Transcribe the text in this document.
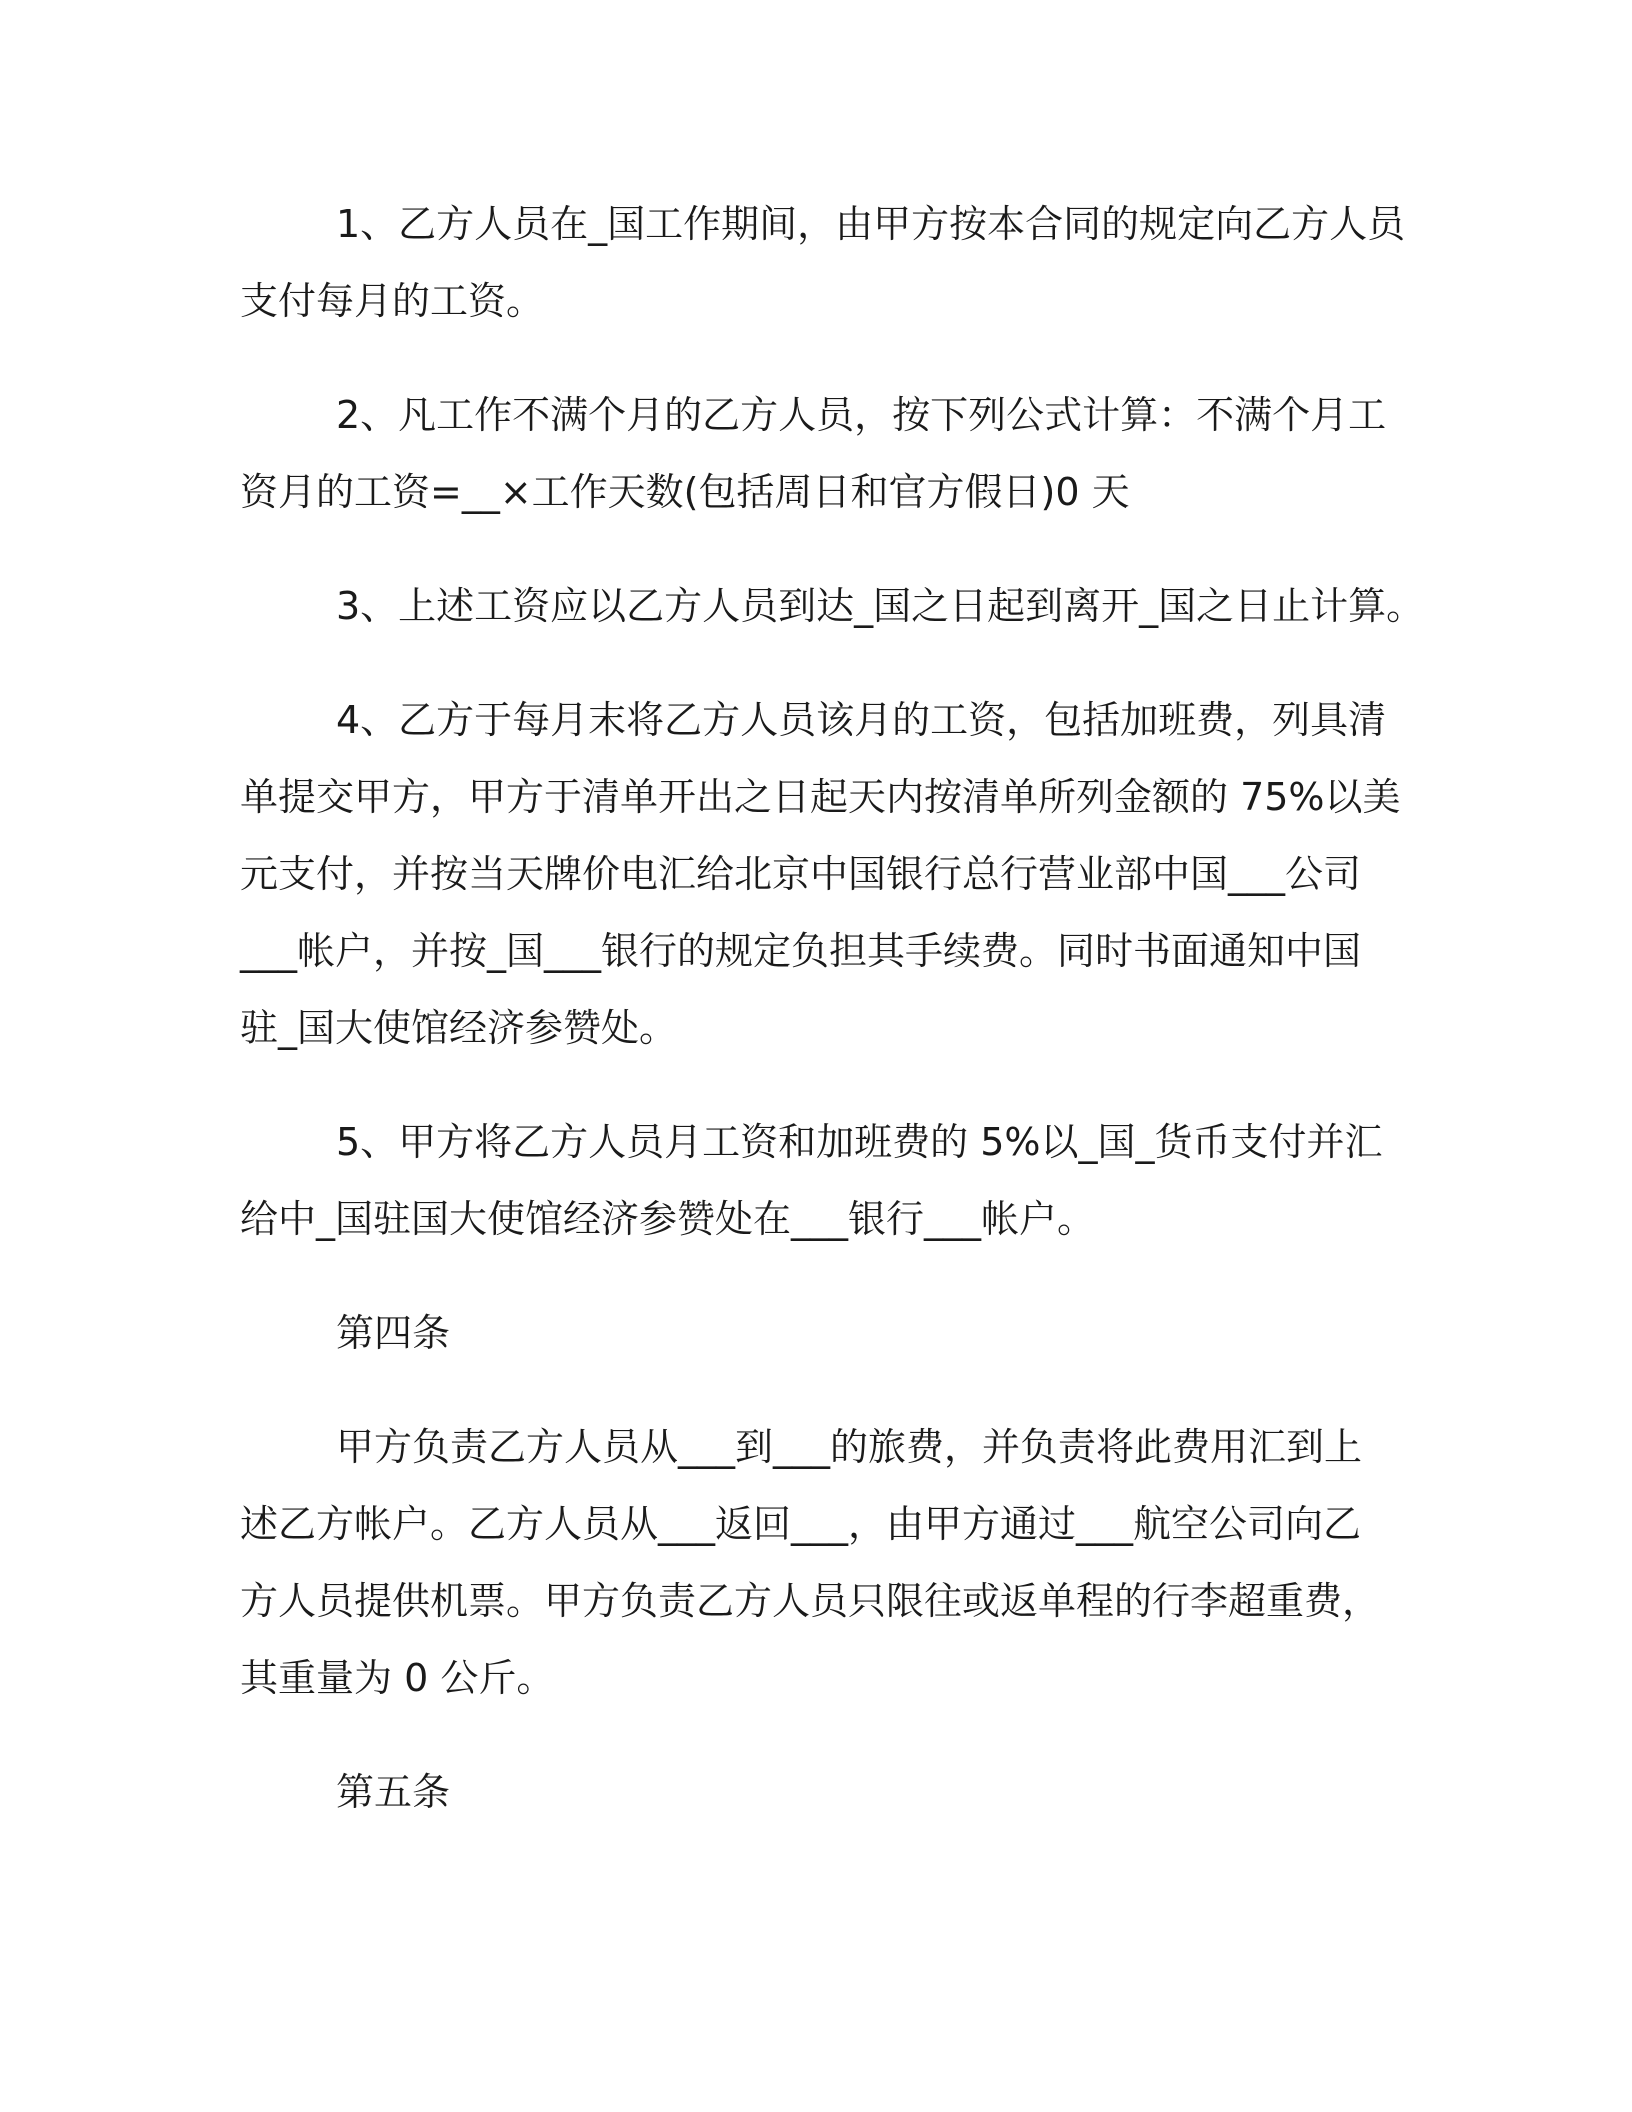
1、乙方人员在_国工作期间，由甲方按本合同的规定向乙方人员
支付每月的工资。

2、凡工作不满个月的乙方人员，按下列公式计算：不满个月工
资月的工资=__×工作天数(包括周日和官方假日)0 天

3、上述工资应以乙方人员到达_国之日起到离开_国之日止计算。

4、乙方于每月末将乙方人员该月的工资，包括加班费，列具清
单提交甲方，甲方于清单开出之日起天内按清单所列金额的 75%以美
元支付，并按当天牌价电汇给北京中国银行总行营业部中国___公司
___帐户，并按_国___银行的规定负担其手续费。同时书面通知中国
驻_国大使馆经济参赞处。

5、甲方将乙方人员月工资和加班费的 5%以_国_货币支付并汇
给中_国驻国大使馆经济参赞处在___银行___帐户。

第四条

甲方负责乙方人员从___到___的旅费，并负责将此费用汇到上
述乙方帐户。乙方人员从___返回___，由甲方通过___航空公司向乙
方人员提供机票。甲方负责乙方人员只限往或返单程的行李超重费，
其重量为 0 公斤。

第五条
